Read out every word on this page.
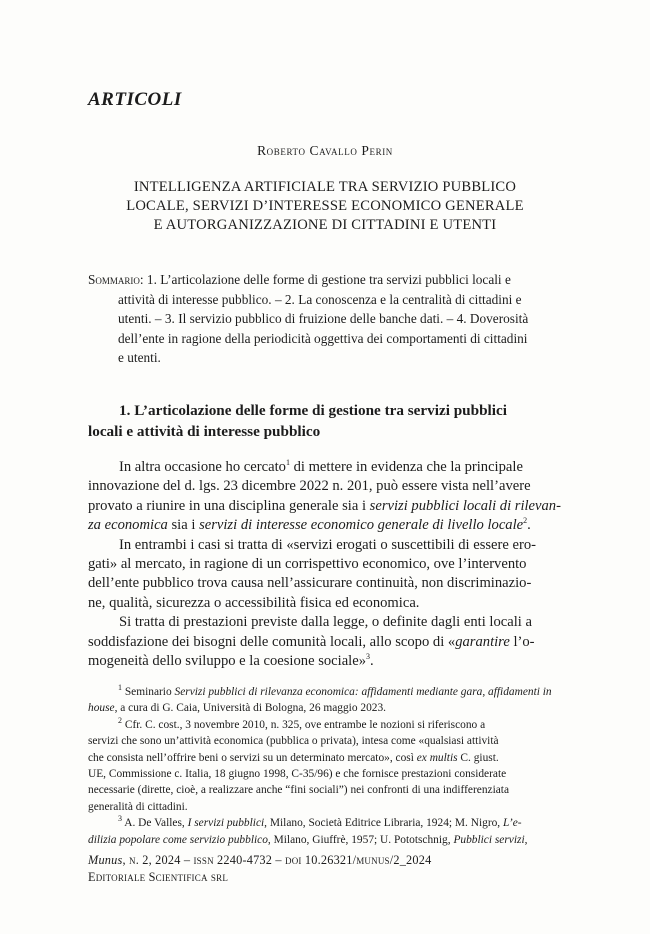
ARTICOLI
Roberto Cavallo Perin
INTELLIGENZA ARTIFICIALE TRA SERVIZIO PUBBLICO
LOCALE, SERVIZI D’INTERESSE ECONOMICO GENERALE
E AUTORGANIZZAZIONE DI CITTADINI E UTENTI
Sommario: 1. L’articolazione delle forme di gestione tra servizi pubblici locali e
attività di interesse pubblico. – 2. La conoscenza e la centralità di cittadini e
utenti. – 3. Il servizio pubblico di fruizione delle banche dati. – 4. Doverosità
dell’ente in ragione della periodicità oggettiva dei comportamenti di cittadini
e utenti.
1. L’articolazione delle forme di gestione tra servizi pubblici
locali e attività di interesse pubblico

In altra occasione ho cercato$^1$ di mettere in evidenza che la principale
innovazione del d. lgs. 23 dicembre 2022 n. 201, può essere vista nell’avere
provato a riunire in una disciplina generale sia i servizi pubblici locali di rilevan-
za economica sia i servizi di interesse economico generale di livello locale$^2$.

In entrambi i casi si tratta di «servizi erogati o suscettibili di essere ero-
gati» al mercato, in ragione di un corrispettivo economico, ove l’intervento
dell’ente pubblico trova causa nell’assicurare continuità, non discriminazio-
ne, qualità, sicurezza o accessibilità fisica ed economica.

Si tratta di prestazioni previste dalla legge, o definite dagli enti locali a
soddisfazione dei bisogni delle comunità locali, allo scopo di «garantire l’o-
mogeneità dello sviluppo e la coesione sociale»$^3$.

$^1$ Seminario Servizi pubblici di rilevanza economica: affidamenti mediante gara, affidamenti in
house, a cura di G. Caia, Università di Bologna, 26 maggio 2023.
$^2$ Cfr. C. cost., 3 novembre 2010, n. 325, ove entrambe le nozioni si riferiscono a
servizi che sono un’attività economica (pubblica o privata), intesa come «qualsiasi attività
che consista nell’offrire beni o servizi su un determinato mercato», così ex multis C. giust.
UE, Commissione c. Italia, 18 giugno 1998, C-35/96) e che fornisce prestazioni considerate
necessarie (dirette, cioè, a realizzare anche “fini sociali”) nei confronti di una indifferenziata
generalità di cittadini.
$^3$ A. De Valles, I servizi pubblici, Milano, Società Editrice Libraria, 1924; M. Nigro, L’e-
dilizia popolare come servizio pubblico, Milano, Giuffrè, 1957; U. Pototschnig, Pubblici servizi,
Munus, n. 2, 2024 – issn 2240-4732 – doi 10.26321/munus/2_2024
Editoriale Scientifica srl
